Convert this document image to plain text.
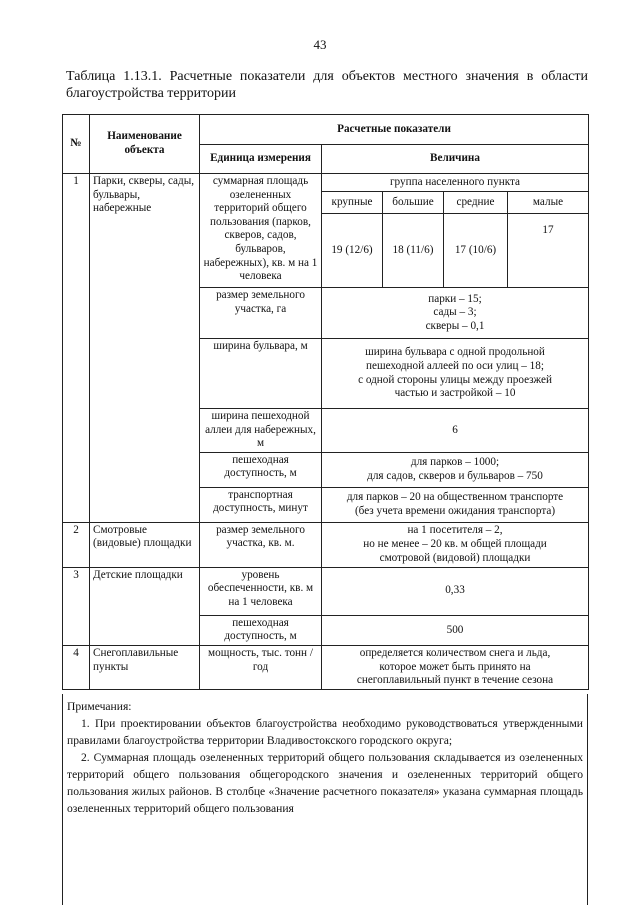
43
Таблица 1.13.1. Расчетные показатели для объектов местного значения в области благоустройства территории
№	Наименование объекта	Расчетные показатели				
		Единица измерения	Величина			
1	Парки, скверы, сады, бульвары, набережные	суммарная площадь озелененных территорий общего пользования (парков, скверов, садов, бульваров, набережных), кв. м на 1 человека	группа населенного пункта			
			крупные	большие	средние	малые
			19 (12/6)	18 (11/6)	17 (10/6)	17
		размер земельного участка, га	парки – 15;
сады – 3;
скверы – 0,1			

		ширина бульвара, м	ширина бульвара с одной продольной
пешеходной аллеей по оси улиц – 18;
с одной стороны улицы между проезжей
частью и застройкой – 10			

		ширина пешеходной аллеи для набережных, м	6			
		пешеходная доступность, м	для парков – 1000;
для садов, скверов и бульваров – 750			

		транспортная доступность, минут	для парков – 20 на общественном транспорте
(без учета времени ожидания транспорта)			

2	Смотровые (видовые) площадки	размер земельного участка, кв. м.	на 1 посетителя – 2,
но не менее – 20 кв. м общей площади
смотровой (видовой) площадки			

3	Детские площадки	уровень обеспеченности, кв. м на 1 человека	0,33			
		пешеходная доступность, м	500			
4	Снегоплавильные пункты	мощность, тыс. тонн / год	определяется количеством снега и льда,
которое может быть принято на
снегоплавильный пункт в течение сезона			

Примечания:

1. При проектировании объектов благоустройства необходимо руководствоваться утвержденными правилами благоустройства территории Владивостокского городского округа;

2. Суммарная площадь озелененных территорий общего пользования складывается из озелененных территорий общего пользования общегородского значения и озелененных территорий общего пользования жилых районов. В столбце «Значение расчетного показателя» указана суммарная площадь озелененных территорий общего пользования
